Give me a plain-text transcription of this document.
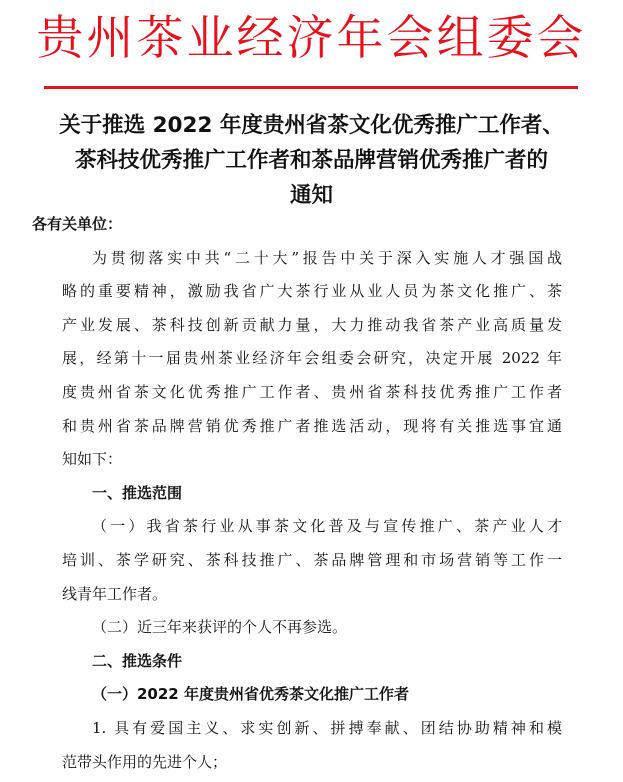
贵州茶业经济年会组委会
关于推选 2022 年度贵州省茶文化优秀推广工作者、
茶科技优秀推广工作者和茶品牌营销优秀推广者的
通知
各有关单位：
为贯彻落实中共“二十大”报告中关于深入实施人才强国战
略的重要精神，激励我省广大茶行业从业人员为茶文化推广、茶
产业发展、茶科技创新贡献力量，大力推动我省茶产业高质量发
展，经第十一届贵州茶业经济年会组委会研究，决定开展 2022 年
度贵州省茶文化优秀推广工作者、贵州省茶科技优秀推广工作者
和贵州省茶品牌营销优秀推广者推选活动，现将有关推选事宜通
知如下：
一、推选范围
（一）我省茶行业从事茶文化普及与宣传推广、茶产业人才
培训、茶学研究、茶科技推广、茶品牌管理和市场营销等工作一
线青年工作者。
（二）近三年来获评的个人不再参选。
二、推选条件
（一）2022 年度贵州省优秀茶文化推广工作者
1. 具有爱国主义、求实创新、拼搏奉献、团结协助精神和模
范带头作用的先进个人；
